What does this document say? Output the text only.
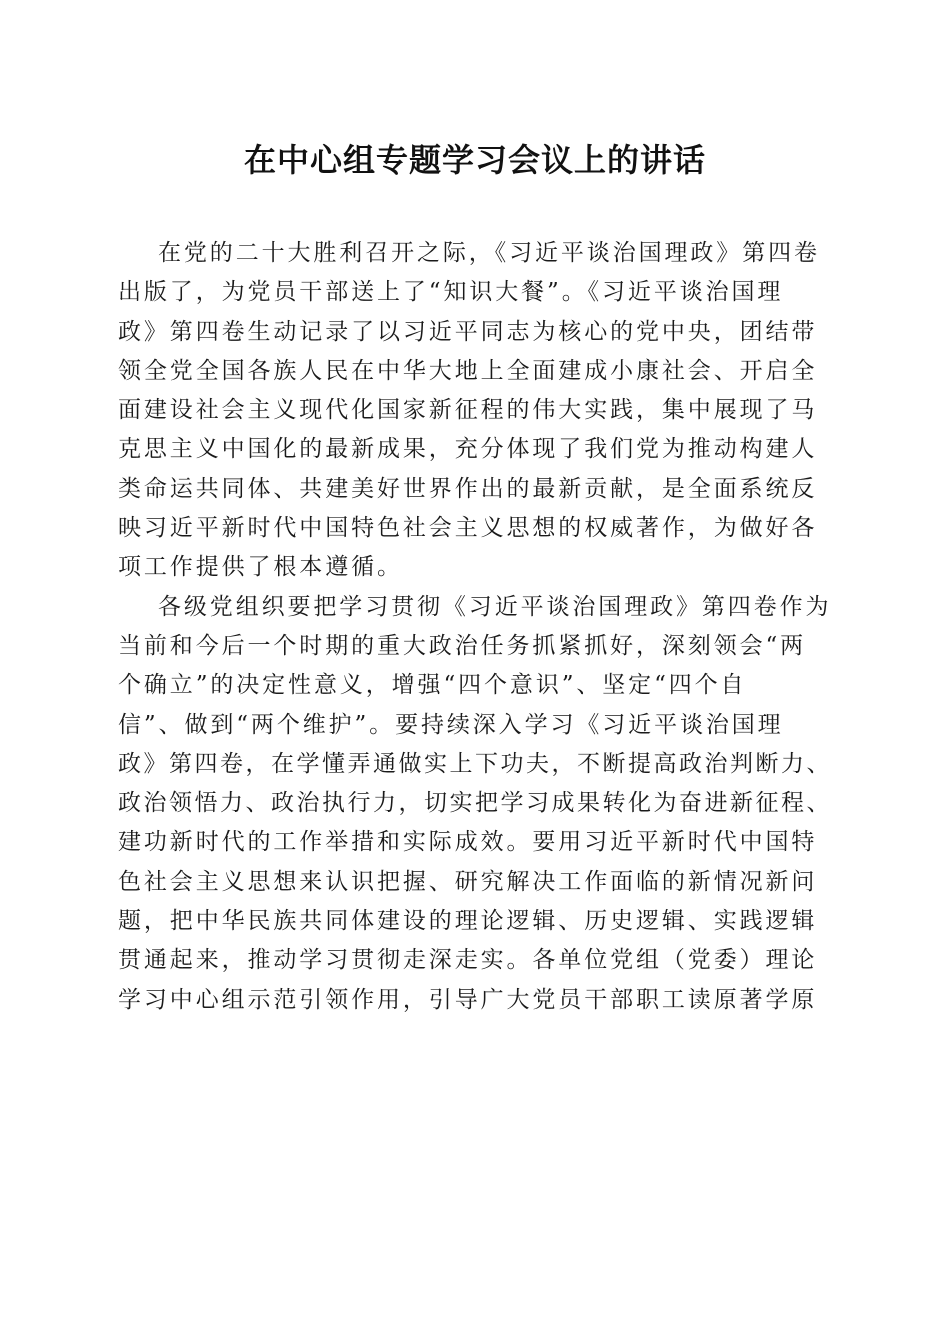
在中心组专题学习会议上的讲话
在党的二十大胜利召开之际，《习近平谈治国理政》第四卷
出版了，为党员干部送上了“知识大餐”。《习近平谈治国理
政》第四卷生动记录了以习近平同志为核心的党中央，团结带
领全党全国各族人民在中华大地上全面建成小康社会、开启全
面建设社会主义现代化国家新征程的伟大实践，集中展现了马
克思主义中国化的最新成果，充分体现了我们党为推动构建人
类命运共同体、共建美好世界作出的最新贡献，是全面系统反
映习近平新时代中国特色社会主义思想的权威著作，为做好各
项工作提供了根本遵循。
各级党组织要把学习贯彻《习近平谈治国理政》第四卷作为
当前和今后一个时期的重大政治任务抓紧抓好，深刻领会“两
个确立”的决定性意义，增强“四个意识”、坚定“四个自
信”、做到“两个维护”。要持续深入学习《习近平谈治国理
政》第四卷，在学懂弄通做实上下功夫，不断提高政治判断力、
政治领悟力、政治执行力，切实把学习成果转化为奋进新征程、
建功新时代的工作举措和实际成效。要用习近平新时代中国特
色社会主义思想来认识把握、研究解决工作面临的新情况新问
题，把中华民族共同体建设的理论逻辑、历史逻辑、实践逻辑
贯通起来，推动学习贯彻走深走实。各单位党组（党委）理论
学习中心组示范引领作用，引导广大党员干部职工读原著学原
